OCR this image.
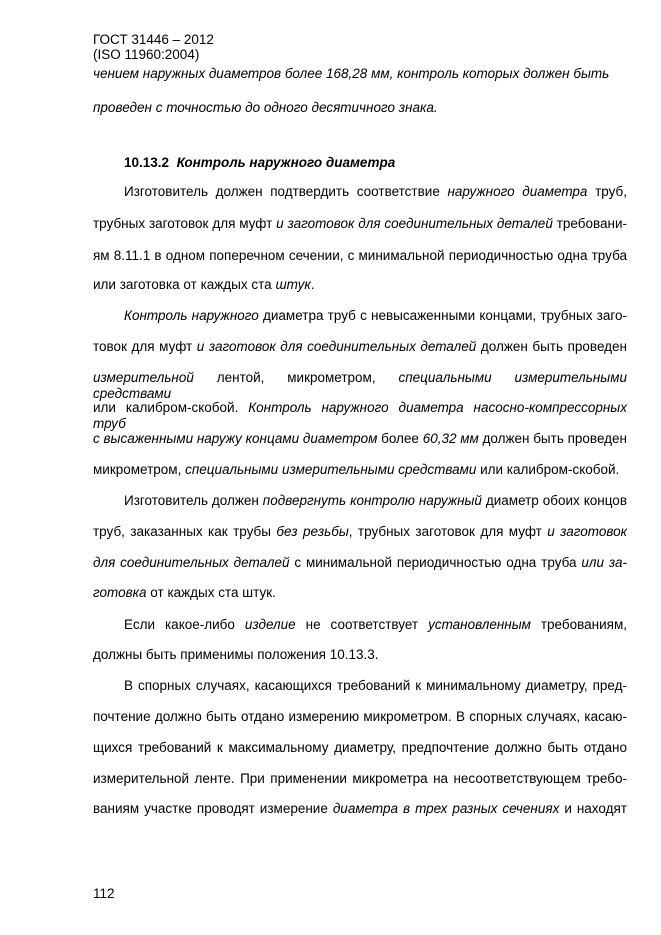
ГОСТ 31446 – 2012
(ISO 11960:2004)
чением наружных диаметров более 168,28 мм, контроль которых должен быть
проведен с точностью до одного десятичного знака.
10.13.2 Контроль наружного диаметра
Изготовитель должен подтвердить соответствие наружного диаметра труб,
трубных заготовок для муфт и заготовок для соединительных деталей требовани-
ям 8.11.1 в одном поперечном сечении, с минимальной периодичностью одна труба
или заготовка от каждых ста штук.
Контроль наружного диаметра труб с невысаженными концами, трубных заго-
товок для муфт и заготовок для соединительных деталей должен быть проведен
измерительной лентой, микрометром, специальными измерительными средствами
или калибром-скобой. Контроль наружного диаметра насосно-компрессорных труб
с высаженными наружу концами диаметром более 60,32 мм должен быть проведен
микрометром, специальными измерительными средствами или калибром-скобой.
Изготовитель должен подвергнуть контролю наружный диаметр обоих концов
труб, заказанных как трубы без резьбы, трубных заготовок для муфт и заготовок
для соединительных деталей с минимальной периодичностью одна труба или за-
готовка от каждых ста штук.
Если какое-либо изделие не соответствует установленным требованиям,
должны быть применимы положения 10.13.3.
В спорных случаях, касающихся требований к минимальному диаметру, пред-
почтение должно быть отдано измерению микрометром. В спорных случаях, касаю-
щихся требований к максимальному диаметру, предпочтение должно быть отдано
измерительной ленте. При применении микрометра на несоответствующем требо-
ваниям участке проводят измерение диаметра в трех разных сечениях и находят
112
